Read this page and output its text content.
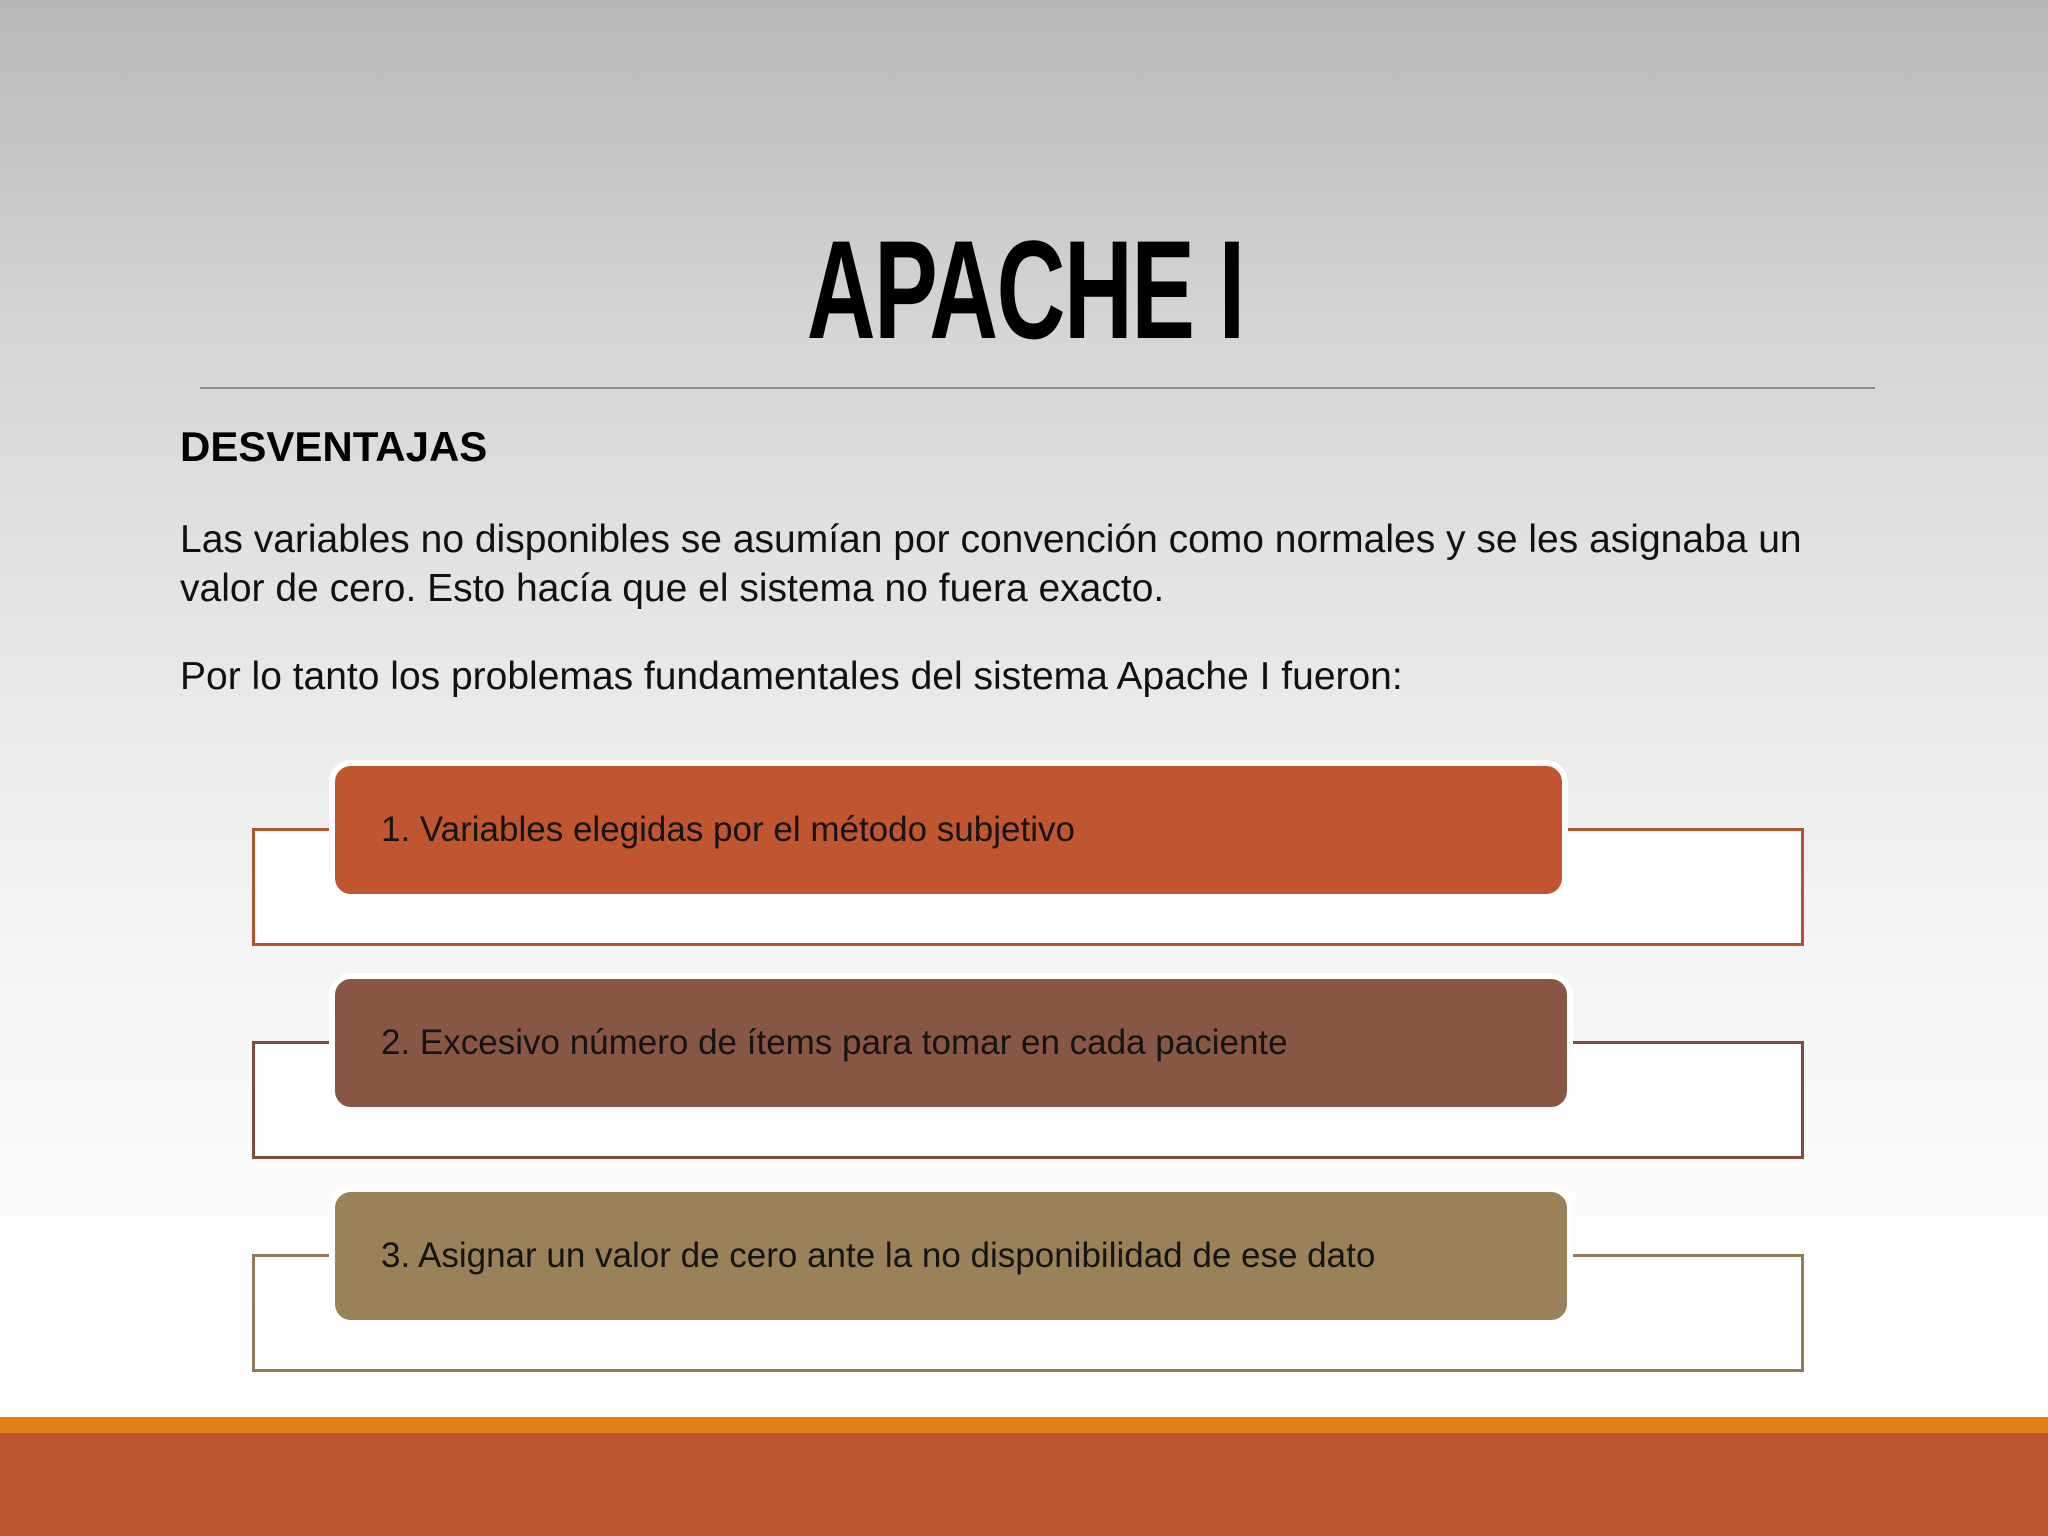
APACHE I
DESVENTAJAS
Las variables no disponibles se asumían por convención como normales y se les asignaba un valor de cero. Esto hacía que el sistema no fuera exacto.
Por lo tanto los problemas fundamentales del sistema Apache I fueron:
1. Variables elegidas por el método subjetivo
2. Excesivo número de ítems para tomar en cada paciente
3. Asignar un valor de cero ante la no disponibilidad de ese dato
